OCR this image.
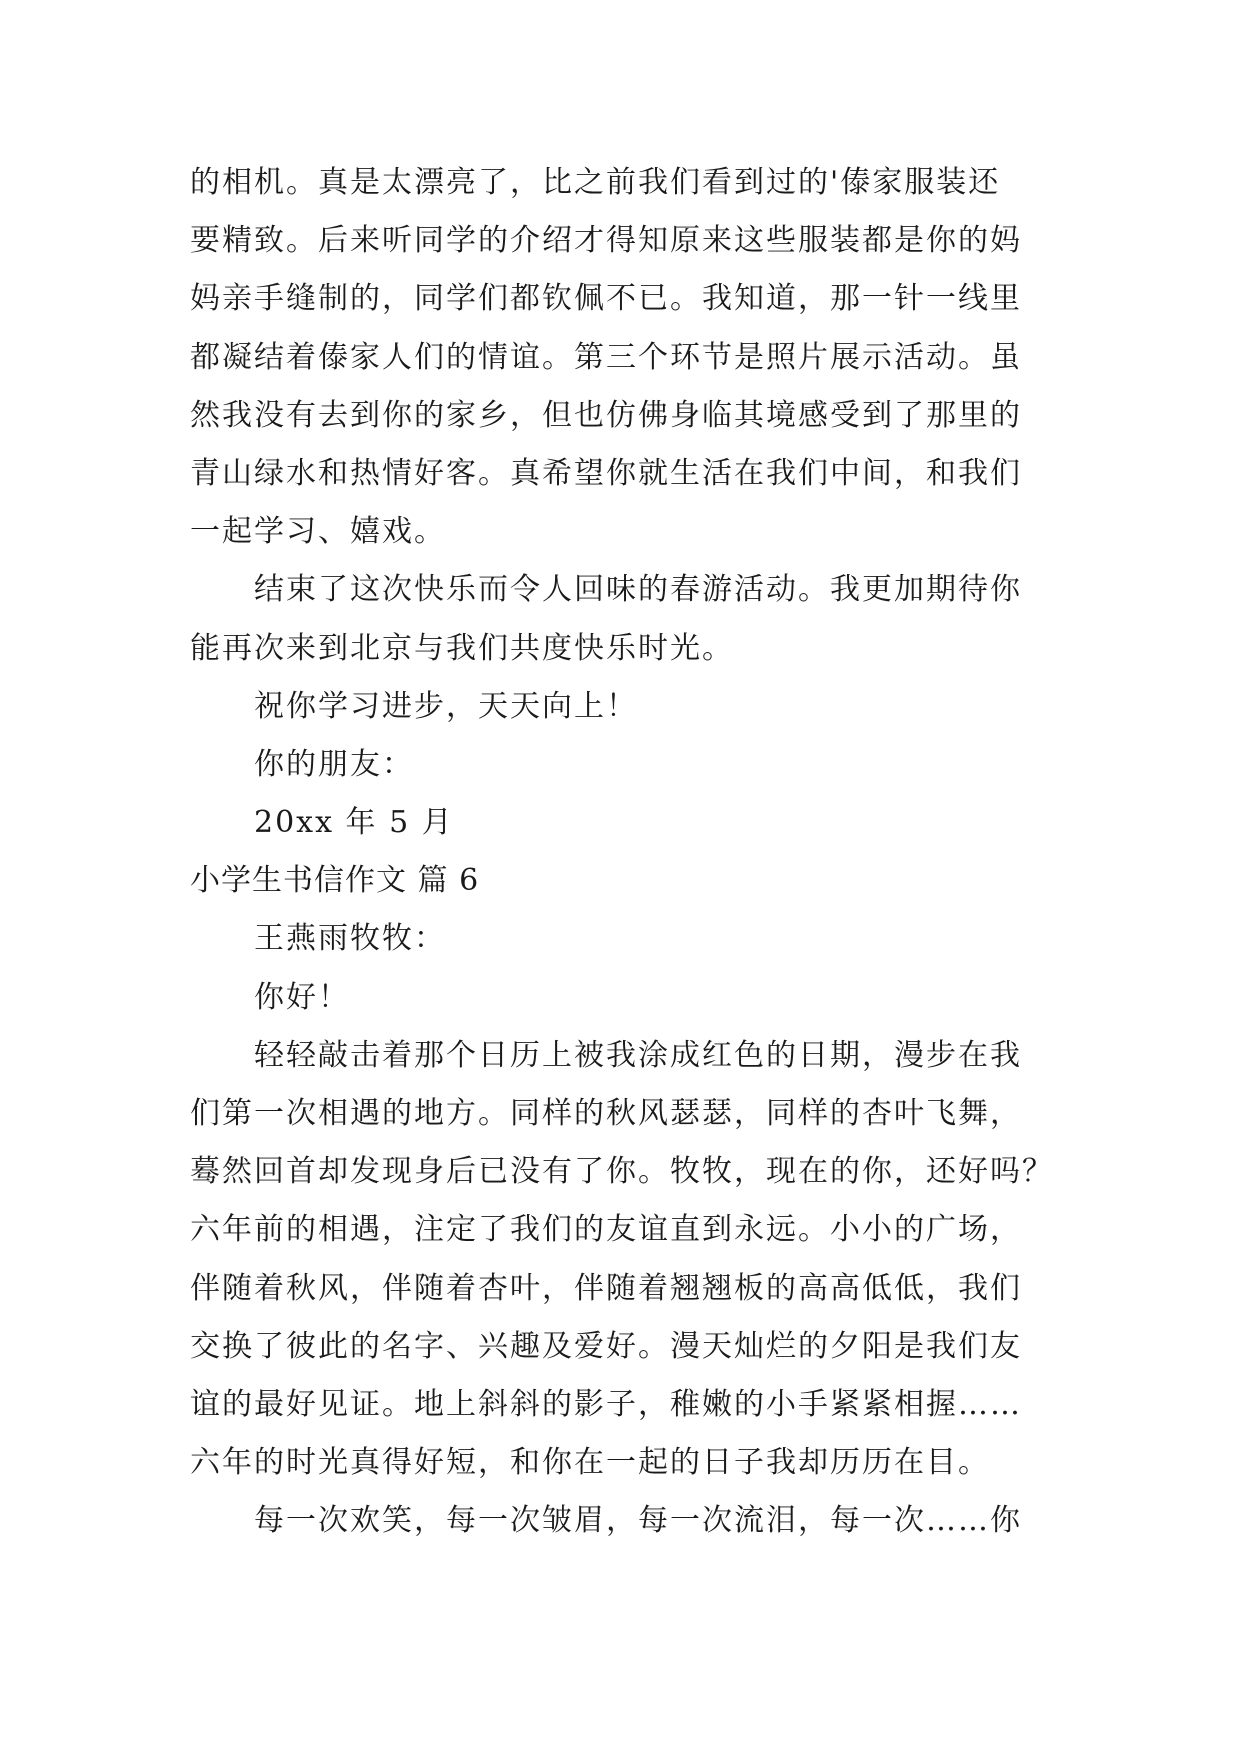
的相机。真是太漂亮了，比之前我们看到过的'傣家服装还
要精致。后来听同学的介绍才得知原来这些服装都是你的妈
妈亲手缝制的，同学们都钦佩不已。我知道，那一针一线里
都凝结着傣家人们的情谊。第三个环节是照片展示活动。虽
然我没有去到你的家乡，但也仿佛身临其境感受到了那里的
青山绿水和热情好客。真希望你就生活在我们中间，和我们
一起学习、嬉戏。
结束了这次快乐而令人回味的春游活动。我更加期待你
能再次来到北京与我们共度快乐时光。
祝你学习进步，天天向上！
你的朋友：
20xx 年 5 月
小学生书信作文 篇 6
王燕雨牧牧：
你好！
轻轻敲击着那个日历上被我涂成红色的日期，漫步在我
们第一次相遇的地方。同样的秋风瑟瑟，同样的杏叶飞舞，
蓦然回首却发现身后已没有了你。牧牧，现在的你，还好吗？
六年前的相遇，注定了我们的友谊直到永远。小小的广场，
伴随着秋风，伴随着杏叶，伴随着翘翘板的高高低低，我们
交换了彼此的名字、兴趣及爱好。漫天灿烂的夕阳是我们友
谊的最好见证。地上斜斜的影子，稚嫩的小手紧紧相握……
六年的时光真得好短，和你在一起的日子我却历历在目。
每一次欢笑，每一次皱眉，每一次流泪，每一次……你
